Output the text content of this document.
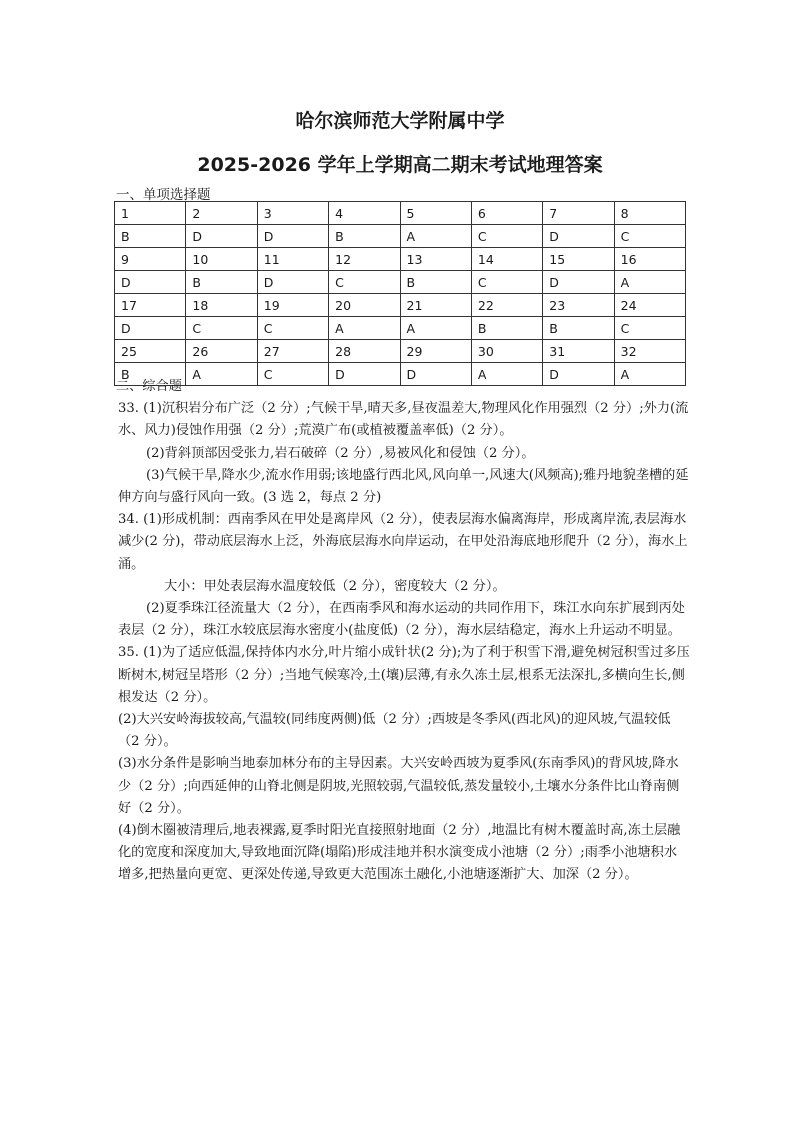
哈尔滨师范大学附属中学
2025-2026 学年上学期高二期末考试地理答案
一、单项选择题
1	2	3	4	5	6	7	8
B	D	D	B	A	C	D	C
9	10	11	12	13	14	15	16
D	B	D	C	B	C	D	A
17	18	19	20	21	22	23	24
D	C	C	A	A	B	B	C
25	26	27	28	29	30	31	32
B	A	C	D	D	A	D	A

二、综合题

33. (1)沉积岩分布广泛（2 分）;气候干旱,晴天多,昼夜温差大,物理风化作用强烈（2 分）;外力(流水、风力)侵蚀作用强（2 分）;荒漠广布(或植被覆盖率低)（2 分）。

(2)背斜顶部因受张力,岩石破碎（2 分）,易被风化和侵蚀（2 分）。

(3)气候干旱,降水少,流水作用弱;该地盛行西北风,风向单一,风速大(风频高);雅丹地貌垄槽的延伸方向与盛行风向一致。(3 选 2，每点 2 分)

34. (1)形成机制：西南季风在甲处是离岸风（2 分），使表层海水偏离海岸，形成离岸流,表层海水减少(2 分)，带动底层海水上泛，外海底层海水向岸运动，在甲处沿海底地形爬升（2 分），海水上涌。

大小：甲处表层海水温度较低（2 分），密度较大（2 分）。

(2)夏季珠江径流量大（2 分），在西南季风和海水运动的共同作用下，珠江水向东扩展到丙处表层（2 分），珠江水较底层海水密度小(盐度低)（2 分），海水层结稳定，海水上升运动不明显。

35. (1)为了适应低温,保持体内水分,叶片缩小成针状(2 分);为了利于积雪下滑,避免树冠积雪过多压断树木,树冠呈塔形（2 分）;当地气候寒冷,土(壤)层薄,有永久冻土层,根系无法深扎,多横向生长,侧根发达（2 分）。

(2)大兴安岭海拔较高,气温较(同纬度两侧)低（2 分）;西坡是冬季风(西北风)的迎风坡,气温较低（2 分）。

(3)水分条件是影响当地泰加林分布的主导因素。大兴安岭西坡为夏季风(东南季风)的背风坡,降水少（2 分）;向西延伸的山脊北侧是阴坡,光照较弱,气温较低,蒸发量较小,土壤水分条件比山脊南侧好（2 分）。

(4)倒木圈被清理后,地表裸露,夏季时阳光直接照射地面（2 分）,地温比有树木覆盖时高,冻土层融化的宽度和深度加大,导致地面沉降(塌陷)形成洼地并积水演变成小池塘（2 分）;雨季小池塘积水增多,把热量向更宽、更深处传递,导致更大范围冻土融化,小池塘逐渐扩大、加深（2 分）。
